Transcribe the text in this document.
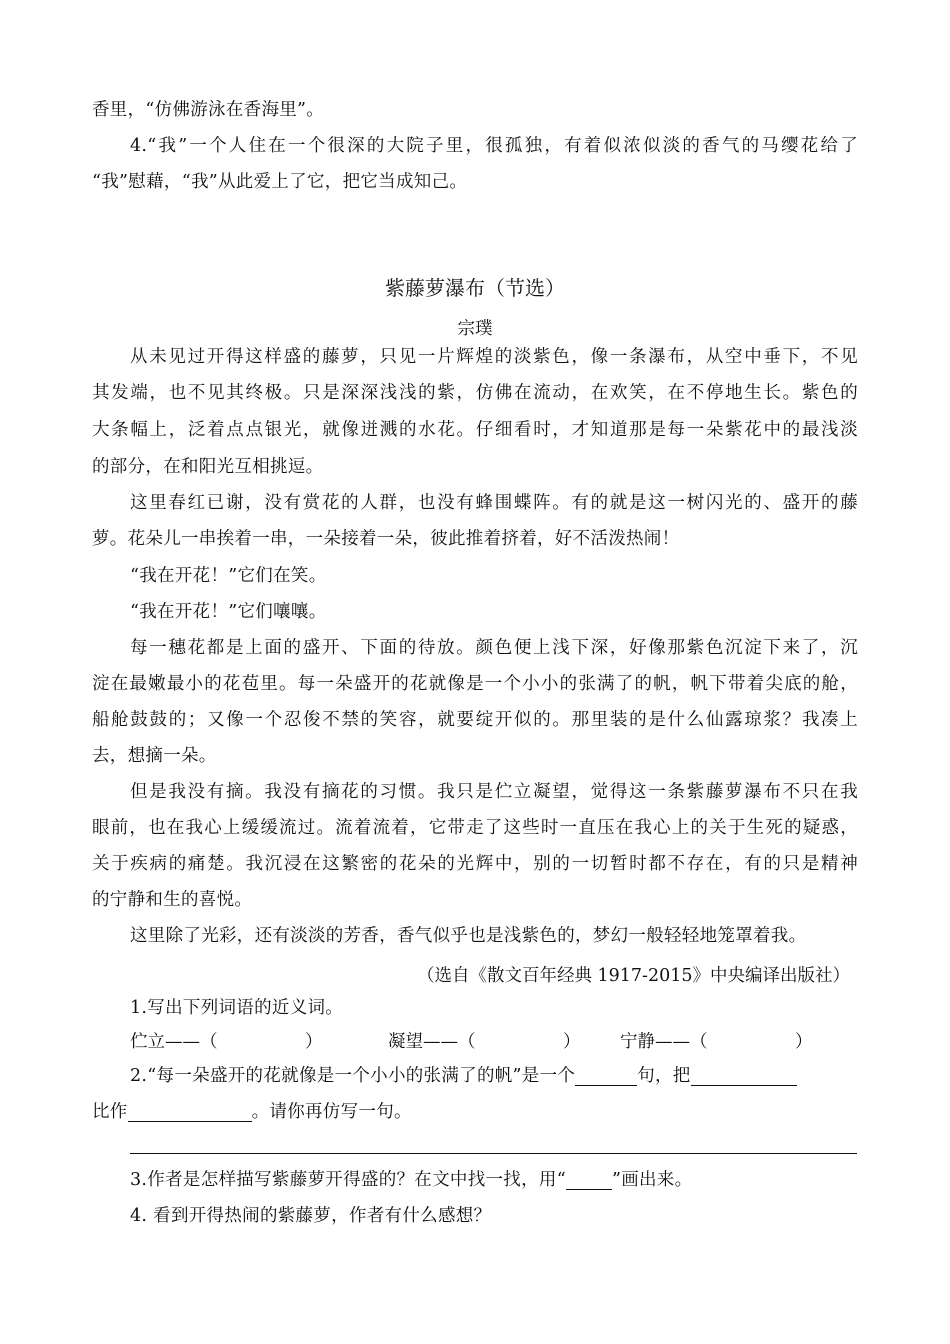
香里，“仿佛游泳在香海里”。
4.“我”一个人住在一个很深的大院子里，很孤独，有着似浓似淡的香气的马缨花给了
“我”慰藉，“我”从此爱上了它，把它当成知己。
紫藤萝瀑布（节选）
宗璞
从未见过开得这样盛的藤萝，只见一片辉煌的淡紫色，像一条瀑布，从空中垂下，不见
其发端，也不见其终极。只是深深浅浅的紫，仿佛在流动，在欢笑，在不停地生长。紫色的
大条幅上，泛着点点银光，就像迸溅的水花。仔细看时，才知道那是每一朵紫花中的最浅淡
的部分，在和阳光互相挑逗。
这里春红已谢，没有赏花的人群，也没有蜂围蝶阵。有的就是这一树闪光的、盛开的藤
萝。花朵儿一串挨着一串，一朵接着一朵，彼此推着挤着，好不活泼热闹！
“我在开花！”它们在笑。
“我在开花！”它们嚷嚷。
每一穗花都是上面的盛开、下面的待放。颜色便上浅下深，好像那紫色沉淀下来了，沉
淀在最嫩最小的花苞里。每一朵盛开的花就像是一个小小的张满了的帆，帆下带着尖底的舱，
船舱鼓鼓的；又像一个忍俊不禁的笑容，就要绽开似的。那里装的是什么仙露琼浆？我凑上
去，想摘一朵。
但是我没有摘。我没有摘花的习惯。我只是伫立凝望，觉得这一条紫藤萝瀑布不只在我
眼前，也在我心上缓缓流过。流着流着，它带走了这些时一直压在我心上的关于生死的疑惑，
关于疾病的痛楚。我沉浸在这繁密的花朵的光辉中，别的一切暂时都不存在，有的只是精神
的宁静和生的喜悦。
这里除了光彩，还有淡淡的芳香，香气似乎也是浅紫色的，梦幻一般轻轻地笼罩着我。
（选自《散文百年经典 1917-2015》中央编译出版社）
1.写出下列词语的近义词。
伫立——（　　　　　）	凝望——（　　　　　） 宁静——（　　　　　）
2.“每一朵盛开的花就像是一个小小的张满了的帆”是一个	句，把
比作	。请你再仿写一句。
3.作者是怎样描写紫藤萝开得盛的？在文中找一找，用“	”画出来。
4. 看到开得热闹的紫藤萝，作者有什么感想？
